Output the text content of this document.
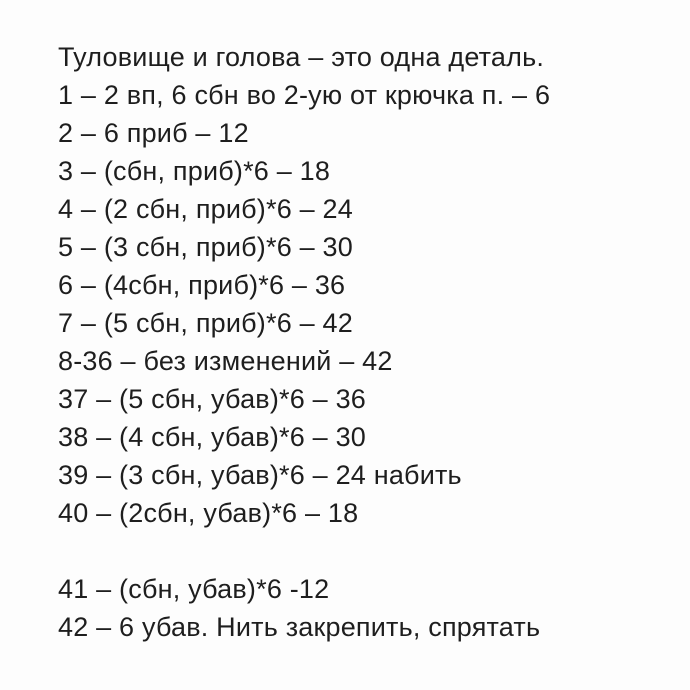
Туловище и голова – это одна деталь.
1 – 2 вп, 6 сбн во 2-ую от крючка п. – 6
2 – 6 приб – 12
3 – (сбн, приб)*6 – 18
4 – (2 сбн, приб)*6 – 24
5 – (3 сбн, приб)*6 – 30
6 – (4сбн, приб)*6 – 36
7 – (5 сбн, приб)*6 – 42
8-36 – без изменений – 42
37 – (5 сбн, убав)*6 – 36
38 – (4 сбн, убав)*6 – 30
39 – (3 сбн, убав)*6 – 24 набить
40 – (2сбн, убав)*6 – 18
41 – (сбн, убав)*6 -12
42 – 6 убав. Нить закрепить, спрятать
